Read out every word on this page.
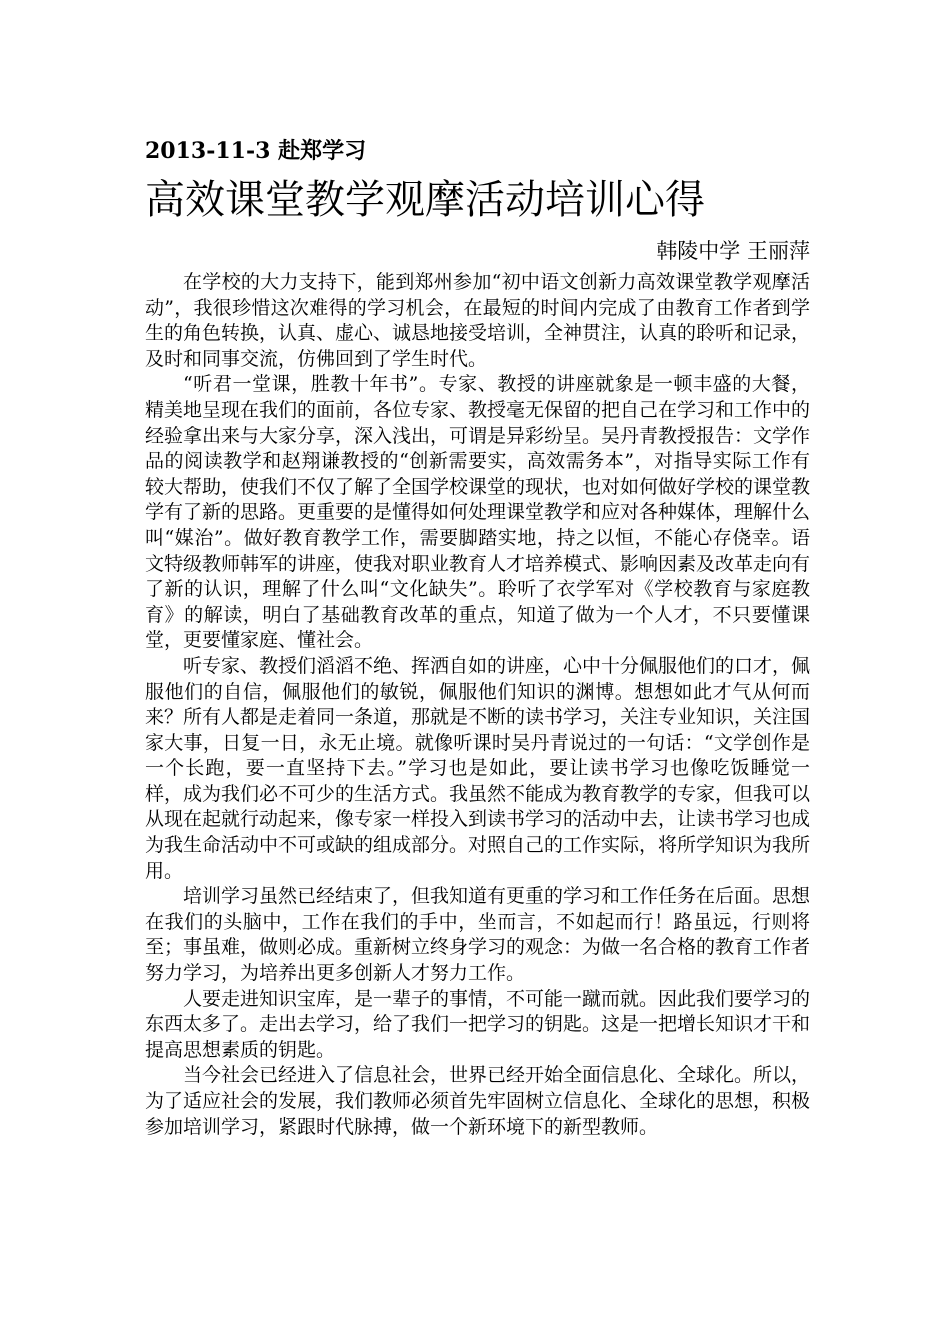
2013-11-3 赴郑学习
高效课堂教学观摩活动培训心得
韩陵中学 王丽萍

在学校的大力支持下，能到郑州参加“初中语文创新力高效课堂教学观摩活动”，我很珍惜这次难得的学习机会，在最短的时间内完成了由教育工作者到学生的角色转换，认真、虚心、诚恳地接受培训，全神贯注，认真的聆听和记录，及时和同事交流，仿佛回到了学生时代。

“听君一堂课，胜教十年书”。专家、教授的讲座就象是一顿丰盛的大餐，精美地呈现在我们的面前，各位专家、教授毫无保留的把自己在学习和工作中的经验拿出来与大家分享，深入浅出，可谓是异彩纷呈。吴丹青教授报告：文学作品的阅读教学和赵翔谦教授的“创新需要实，高效需务本”，对指导实际工作有较大帮助，使我们不仅了解了全国学校课堂的现状，也对如何做好学校的课堂教学有了新的思路。更重要的是懂得如何处理课堂教学和应对各种媒体，理解什么叫“媒治”。做好教育教学工作，需要脚踏实地，持之以恒，不能心存侥幸。语文特级教师韩军的讲座，使我对职业教育人才培养模式、影响因素及改革走向有了新的认识，理解了什么叫“文化缺失”。聆听了衣学军对《学校教育与家庭教育》的解读，明白了基础教育改革的重点，知道了做为一个人才，不只要懂课堂，更要懂家庭、懂社会。

听专家、教授们滔滔不绝、挥洒自如的讲座，心中十分佩服他们的口才，佩服他们的自信，佩服他们的敏锐，佩服他们知识的渊博。想想如此才气从何而来？所有人都是走着同一条道，那就是不断的读书学习，关注专业知识，关注国家大事，日复一日，永无止境。就像听课时吴丹青说过的一句话：“文学创作是一个长跑，要一直坚持下去。”学习也是如此，要让读书学习也像吃饭睡觉一样，成为我们必不可少的生活方式。我虽然不能成为教育教学的专家，但我可以从现在起就行动起来，像专家一样投入到读书学习的活动中去，让读书学习也成为我生命活动中不可或缺的组成部分。对照自己的工作实际，将所学知识为我所用。

培训学习虽然已经结束了，但我知道有更重的学习和工作任务在后面。思想在我们的头脑中，工作在我们的手中，坐而言，不如起而行！路虽远，行则将至；事虽难，做则必成。重新树立终身学习的观念：为做一名合格的教育工作者努力学习，为培养出更多创新人才努力工作。

人要走进知识宝库，是一辈子的事情，不可能一蹴而就。因此我们要学习的东西太多了。走出去学习，给了我们一把学习的钥匙。这是一把增长知识才干和提高思想素质的钥匙。

当今社会已经进入了信息社会，世界已经开始全面信息化、全球化。所以，为了适应社会的发展，我们教师必须首先牢固树立信息化、全球化的思想，积极参加培训学习，紧跟时代脉搏，做一个新环境下的新型教师。
